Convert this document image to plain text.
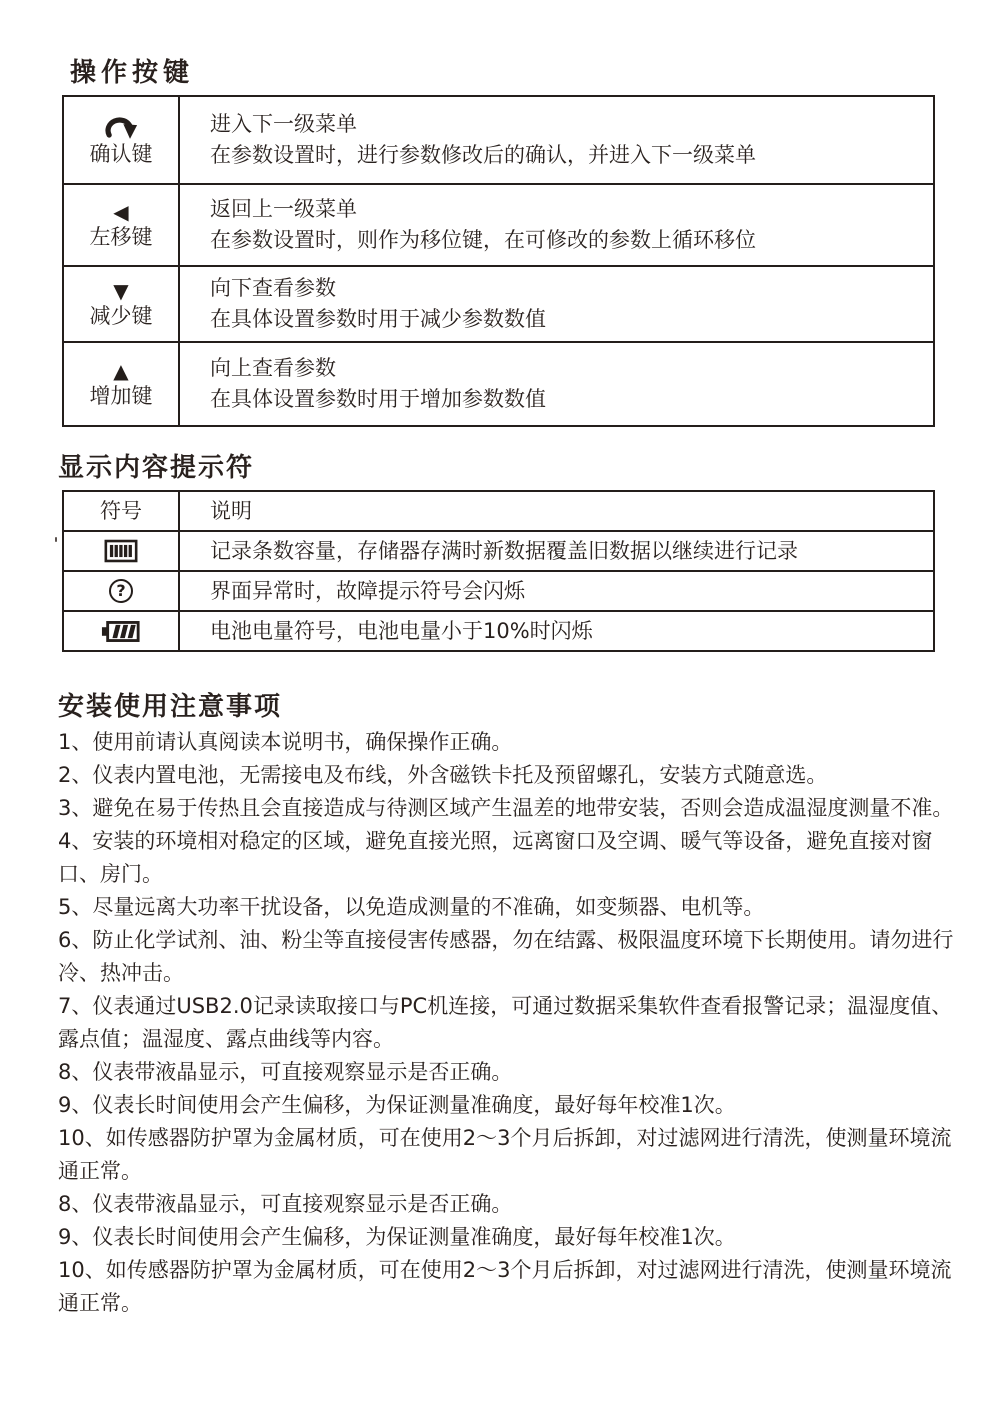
操作按键
确认键
进入下一级菜单
在参数设置时，进行参数修改后的确认，并进入下一级菜单
◀
左移键
返回上一级菜单
在参数设置时，则作为移位键，在可修改的参数上循环移位
▼
减少键
向下查看参数
在具体设置参数时用于减少参数数值
▲
增加键
向上查看参数
在具体设置参数时用于增加参数数值
显示内容提示符
符号	说明
记录条数容量，存储器存满时新数据覆盖旧数据以继续进行记录
?	界面异常时，故障提示符号会闪烁
电池电量符号，电池电量小于10%时闪烁
安装使用注意事项

1、使用前请认真阅读本说明书，确保操作正确。

2、仪表内置电池，无需接电及布线，外含磁铁卡托及预留螺孔，安装方式随意选。

3、避免在易于传热且会直接造成与待测区域产生温差的地带安装，否则会造成温湿度测量不准。

4、安装的环境相对稳定的区域，避免直接光照，远离窗口及空调、暖气等设备，避免直接对窗口、房门。

5、尽量远离大功率干扰设备，以免造成测量的不准确，如变频器、电机等。

6、防止化学试剂、油、粉尘等直接侵害传感器，勿在结露、极限温度环境下长期使用。请勿进行冷、热冲击。

7、仪表通过USB2.0记录读取接口与PC机连接，可通过数据采集软件查看报警记录；温湿度值、露点值；温湿度、露点曲线等内容。

8、仪表带液晶显示，可直接观察显示是否正确。

9、仪表长时间使用会产生偏移，为保证测量准确度，最好每年校准1次。

10、如传感器防护罩为金属材质，可在使用2～3个月后拆卸，对过滤网进行清洗，使测量环境流通正常。

8、仪表带液晶显示，可直接观察显示是否正确。

9、仪表长时间使用会产生偏移，为保证测量准确度，最好每年校准1次。

10、如传感器防护罩为金属材质，可在使用2～3个月后拆卸，对过滤网进行清洗，使测量环境流通正常。
